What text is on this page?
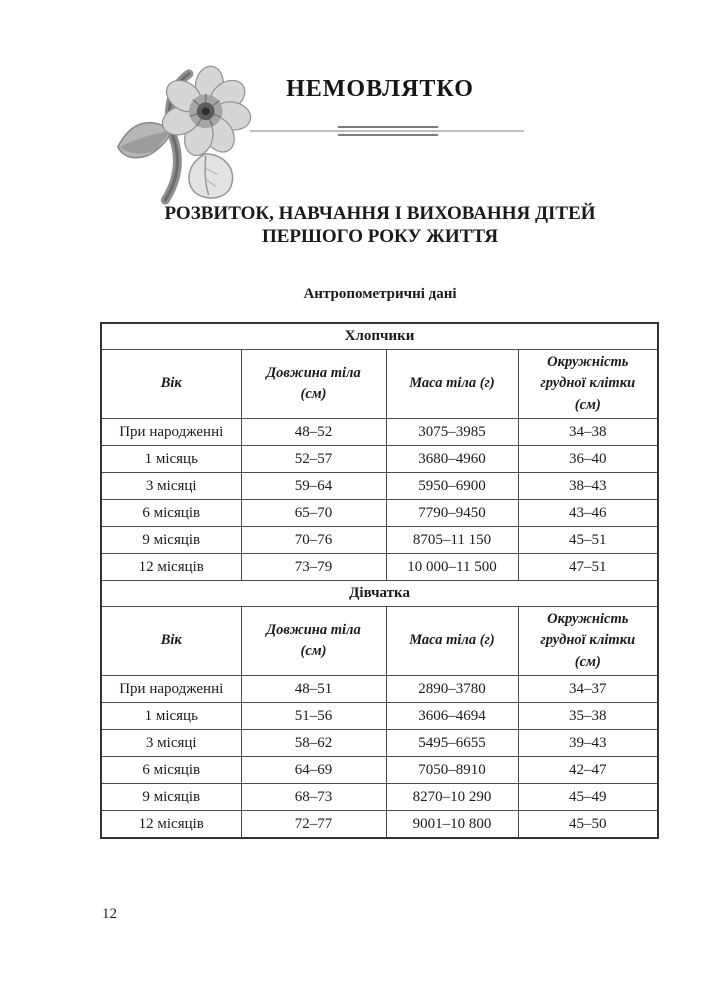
НЕМОВЛЯТКО
РОЗВИТОК, НАВЧАННЯ І ВИХОВАННЯ ДІТЕЙ
ПЕРШОГО РОКУ ЖИТТЯ
Антропометричні дані
Хлопчики			
Вік	Довжина тіла (см)	Маса тіла (г)	Окружність грудної клітки (см)
При народженні	48–52	3075–3985	34–38
1 місяць	52–57	3680–4960	36–40
3 місяці	59–64	5950–6900	38–43
6 місяців	65–70	7790–9450	43–46
9 місяців	70–76	8705–11 150	45–51
12 місяців	73–79	10 000–11 500	47–51
Дівчатка			
Вік	Довжина тіла (см)	Маса тіла (г)	Окружність грудної клітки (см)
При народженні	48–51	2890–3780	34–37
1 місяць	51–56	3606–4694	35–38
3 місяці	58–62	5495–6655	39–43
6 місяців	64–69	7050–8910	42–47
9 місяців	68–73	8270–10 290	45–49
12 місяців	72–77	9001–10 800	45–50
12
